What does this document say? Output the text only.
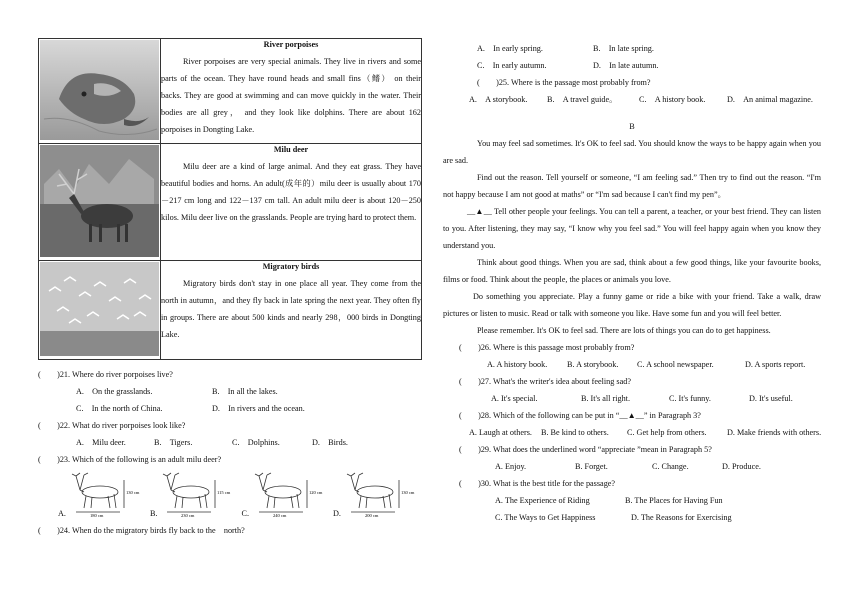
River porpoises
River porpoises are very special animals. They live in rivers and some parts of the ocean. They have round heads and small fins（鳍） on their backs. They are good at swimming and can move quickly in the water. Their bodies are all grey， and they look like dolphins. There are about 162 porpoises in Dongting Lake.

Milu deer
Milu deer are a kind of large animal. And they eat grass. They have beautiful bodies and horns. An adult(成年的）milu deer is usually about 170－217 cm long and 122－137 cm tall. An adult milu deer is about 120－250 kilos. Milu deer live on the grasslands. People are trying hard to protect them.

Migratory birds
Migratory birds don't stay in one place all year. They come from the north in autumn，and they fly back in late spring the next year. They often fly in groups. There are about 500 kinds and nearly 298，000 birds in Dongting Lake.
(　　)21. Where do river porpoises live?
A.　On the grasslands.	B.　In all the lakes.
C.　In the north of China.	D.　In rivers and the ocean.
(　　)22. What do river porpoises look like?
A.　Milu deer.	B.　Tigers.	C.　Dolphins.	D.　Birds.
(　　)23. Which of the following is an adult milu deer?
A.
130 cm
180 cm	B.
115 cm
230 cm	C.
120 cm
240 cm	D.
130 cm
200 cm
(　　)24. When do the migratory birds fly back to the　north?
A.　In early spring.	B.　In late spring.
C.　In early autumn.	D.　In late autumn.
(　　)25. Where is the passage most probably from?
A.　A storybook. B.　A travel guide。	C.　A history book.	D.　An animal magazine.
B
You may feel sad sometimes. It's OK to feel sad. You should know the ways to be happy again when you are sad.
Find out the reason. Tell yourself or someone, “I am feeling sad.” Then try to find out the reason. “I'm not happy because I am not good at maths” or “I'm sad because I can't find my pen”。
__▲__ Tell other people your feelings. You can tell a parent, a teacher, or your best friend. They can listen to you. After listening, they may say, “I know why you feel sad.” You will feel happy again when you know they understand you.
Think about good things. When you are sad, think about a few good things, like your favourite books, films or food. Think about the people, the places or animals you love.
Do something you appreciate. Play a funny game or ride a bike with your friend. Take a walk, draw pictures or listen to music. Read or talk with someone you like. Have some fun and you will feel better.
Please remember. It's OK to feel sad. There are lots of things you can do to get happiness.
(　　)26. Where is this passage most probably from?
A. A history book. B. A storybook. C. A school newspaper.	D. A sports report.
(　　)27. What's the writer's idea about feeling sad?
A. It's special.	B. It's all right.	C. It's funny.	D. It's useful.
(　　)28. Which of the following can be put in “__▲__” in Paragraph 3?
A. Laugh at others. B. Be kind to others. C. Get help from others. D. Make friends with others.
(　　)29. What does the underlined word “appreciate ”mean in Paragraph 5?
A. Enjoy.	B. Forget.	C. Change.	D. Produce.
(　　)30. What is the best title for the passage?
A. The Experience of Riding	B. The Places for Having Fun
C. The Ways to Get Happiness	D. The Reasons for Exercising
